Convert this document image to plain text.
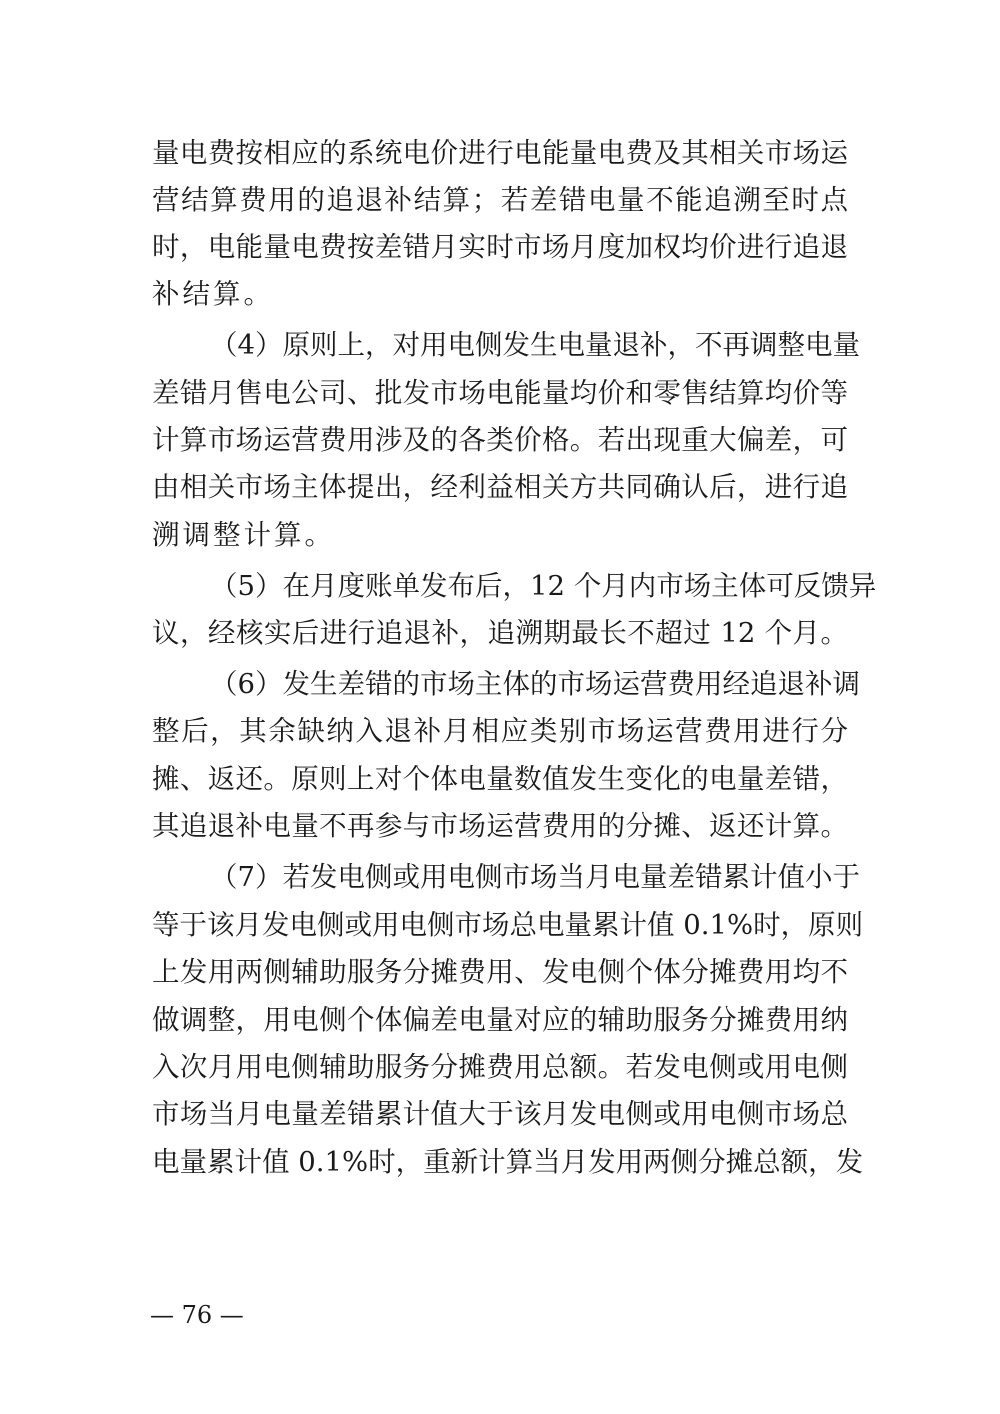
量电费按相应的系统电价进行电能量电费及其相关市场运
营结算费用的追退补结算；若差错电量不能追溯至时点
时，电能量电费按差错月实时市场月度加权均价进行追退
补结算。
（4）原则上，对用电侧发生电量退补，不再调整电量
差错月售电公司、批发市场电能量均价和零售结算均价等
计算市场运营费用涉及的各类价格。若出现重大偏差，可
由相关市场主体提出，经利益相关方共同确认后，进行追
溯调整计算。
（5）在月度账单发布后，12 个月内市场主体可反馈异
议，经核实后进行追退补，追溯期最长不超过 12 个月。
（6）发生差错的市场主体的市场运营费用经追退补调
整后，其余缺纳入退补月相应类别市场运营费用进行分
摊、返还。原则上对个体电量数值发生变化的电量差错，
其追退补电量不再参与市场运营费用的分摊、返还计算。
（7）若发电侧或用电侧市场当月电量差错累计值小于
等于该月发电侧或用电侧市场总电量累计值 0.1%时，原则
上发用两侧辅助服务分摊费用、发电侧个体分摊费用均不
做调整，用电侧个体偏差电量对应的辅助服务分摊费用纳
入次月用电侧辅助服务分摊费用总额。若发电侧或用电侧
市场当月电量差错累计值大于该月发电侧或用电侧市场总
电量累计值 0.1%时，重新计算当月发用两侧分摊总额，发
— 76 —
